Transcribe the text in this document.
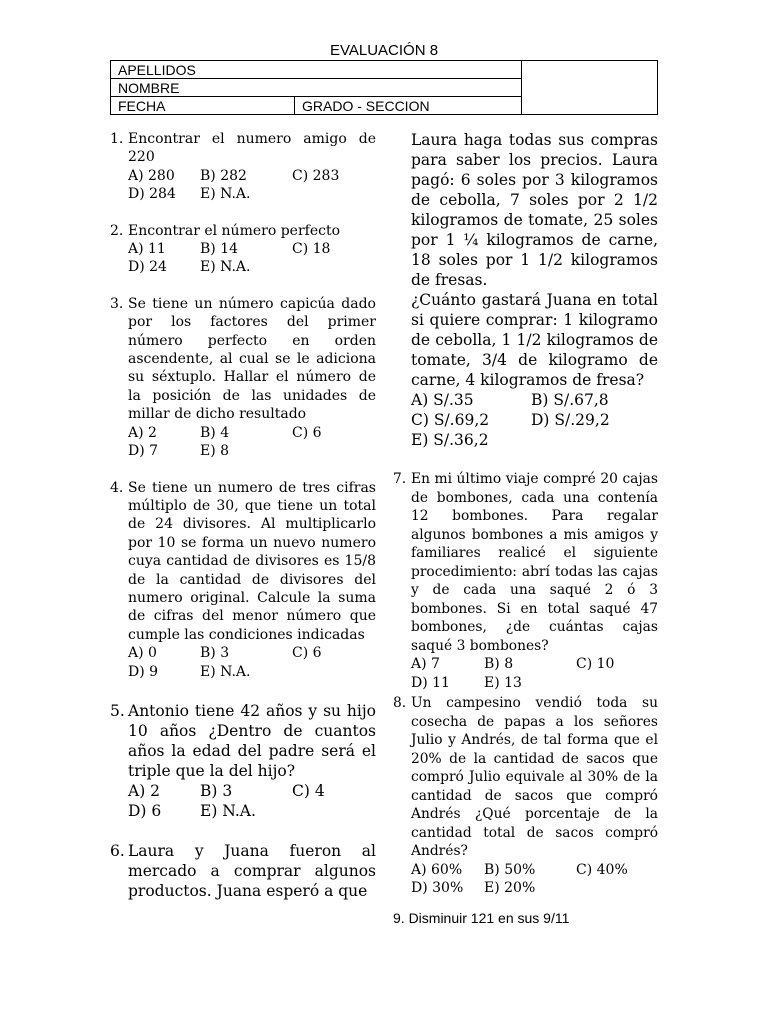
EVALUACIÓN 8
APELLIDOS		
NOMBRE		
FECHA	GRADO - SECCION	
1. Encontrar el numero amigo de 220
A) 280	B) 282	C) 283
D) 284	E) N.A.
2. Encontrar el número perfecto
A) 11	B) 14	C) 18
D) 24	E) N.A.
3. Se tiene un número capicúa dado por los factores del primer número perfecto en orden ascendente, al cual se le adiciona su séxtuplo. Hallar el número de la posición de las unidades de millar de dicho resultado
A) 2	B) 4	C) 6
D) 7	E) 8
4. Se tiene un numero de tres cifras múltiplo de 30, que tiene un total de 24 divisores. Al multiplicarlo por 10 se forma un nuevo numero cuya cantidad de divisores es 15/8 de la cantidad de divisores del numero original. Calcule la suma de cifras del menor número que cumple las condiciones indicadas
A) 0	B) 3	C) 6
D) 9	E) N.A.
5. Antonio tiene 42 años y su hijo 10 años ¿Dentro de cuantos años la edad del padre será el triple que la del hijo?
A) 2	B) 3	C) 4
D) 6	E) N.A.
6. Laura y Juana fueron al mercado a comprar algunos productos. Juana esperó a que
Laura haga todas sus compras para saber los precios. Laura pagó: 6 soles por 3 kilogramos de cebolla, 7 soles por 2 1/2 kilogramos de tomate, 25 soles por 1 ¼ kilogramos de carne, 18 soles por 1 1/2 kilogramos de fresas.
¿Cuánto gastará Juana en total si quiere comprar: 1 kilogramo de cebolla, 1 1/2 kilogramos de tomate, 3/4 de kilogramo de carne, 4 kilogramos de fresa?
A) S/.35	B) S/.67,8
C) S/.69,2	D) S/.29,2
E) S/.36,2
7. En mi último viaje compré 20 cajas de bombones, cada una contenía 12 bombones. Para regalar algunos bombones a mis amigos y familiares realicé el siguiente procedimiento: abrí todas las cajas y de cada una saqué 2 ó 3 bombones. Si en total saqué 47 bombones, ¿de cuántas cajas saqué 3 bombones?
A) 7	B) 8	C) 10
D) 11	E) 13
8. Un campesino vendió toda su cosecha de papas a los señores Julio y Andrés, de tal forma que el 20% de la cantidad de sacos que compró Julio equivale al 30% de la cantidad de sacos que compró Andrés ¿Qué porcentaje de la cantidad total de sacos compró Andrés?
A) 60%	B) 50%	C) 40%
D) 30%	E) 20%
9. Disminuir 121 en sus 9/11
